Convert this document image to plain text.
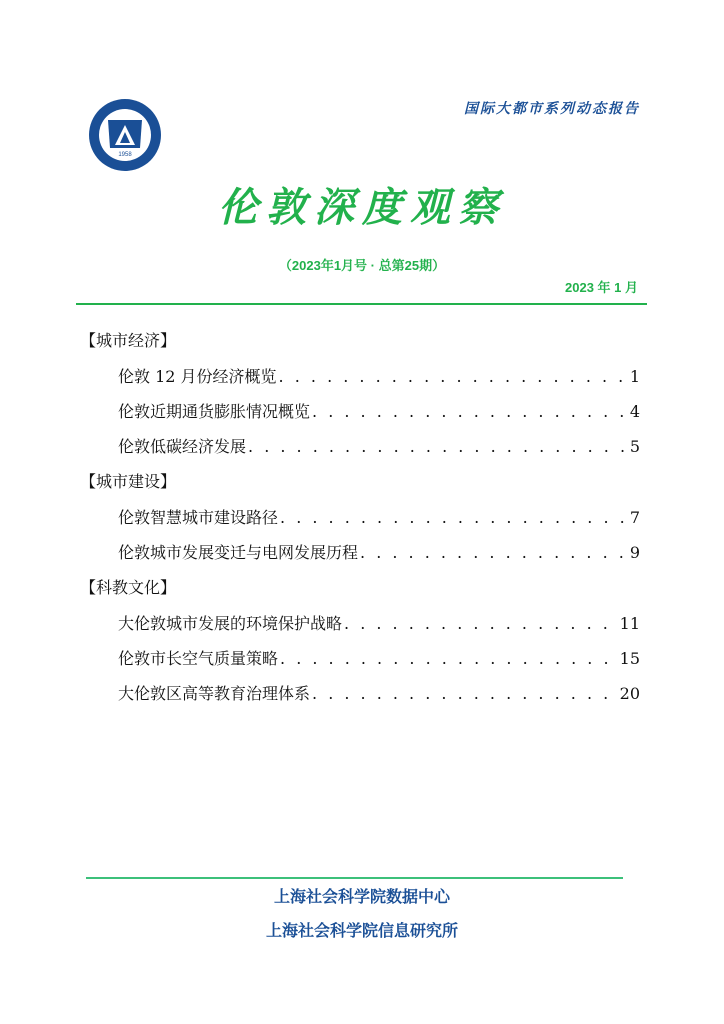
1958
国际大都市系列动态报告
伦敦深度观察
（2023年1月号 · 总第25期）
2023 年 1 月
【城市经济】
伦敦 12 月份经济概览 . . .	1
伦敦近期通货膨胀情况概览 . . .	4
伦敦低碳经济发展 . . .	5
【城市建设】
伦敦智慧城市建设路径 . . .	7
伦敦城市发展变迁与电网发展历程 . . .	9
【科教文化】
大伦敦城市发展的环境保护战略 . . .	11
伦敦市长空气质量策略 . . .	15
大伦敦区高等教育治理体系 . . .	20
上海社会科学院数据中心
上海社会科学院信息研究所
